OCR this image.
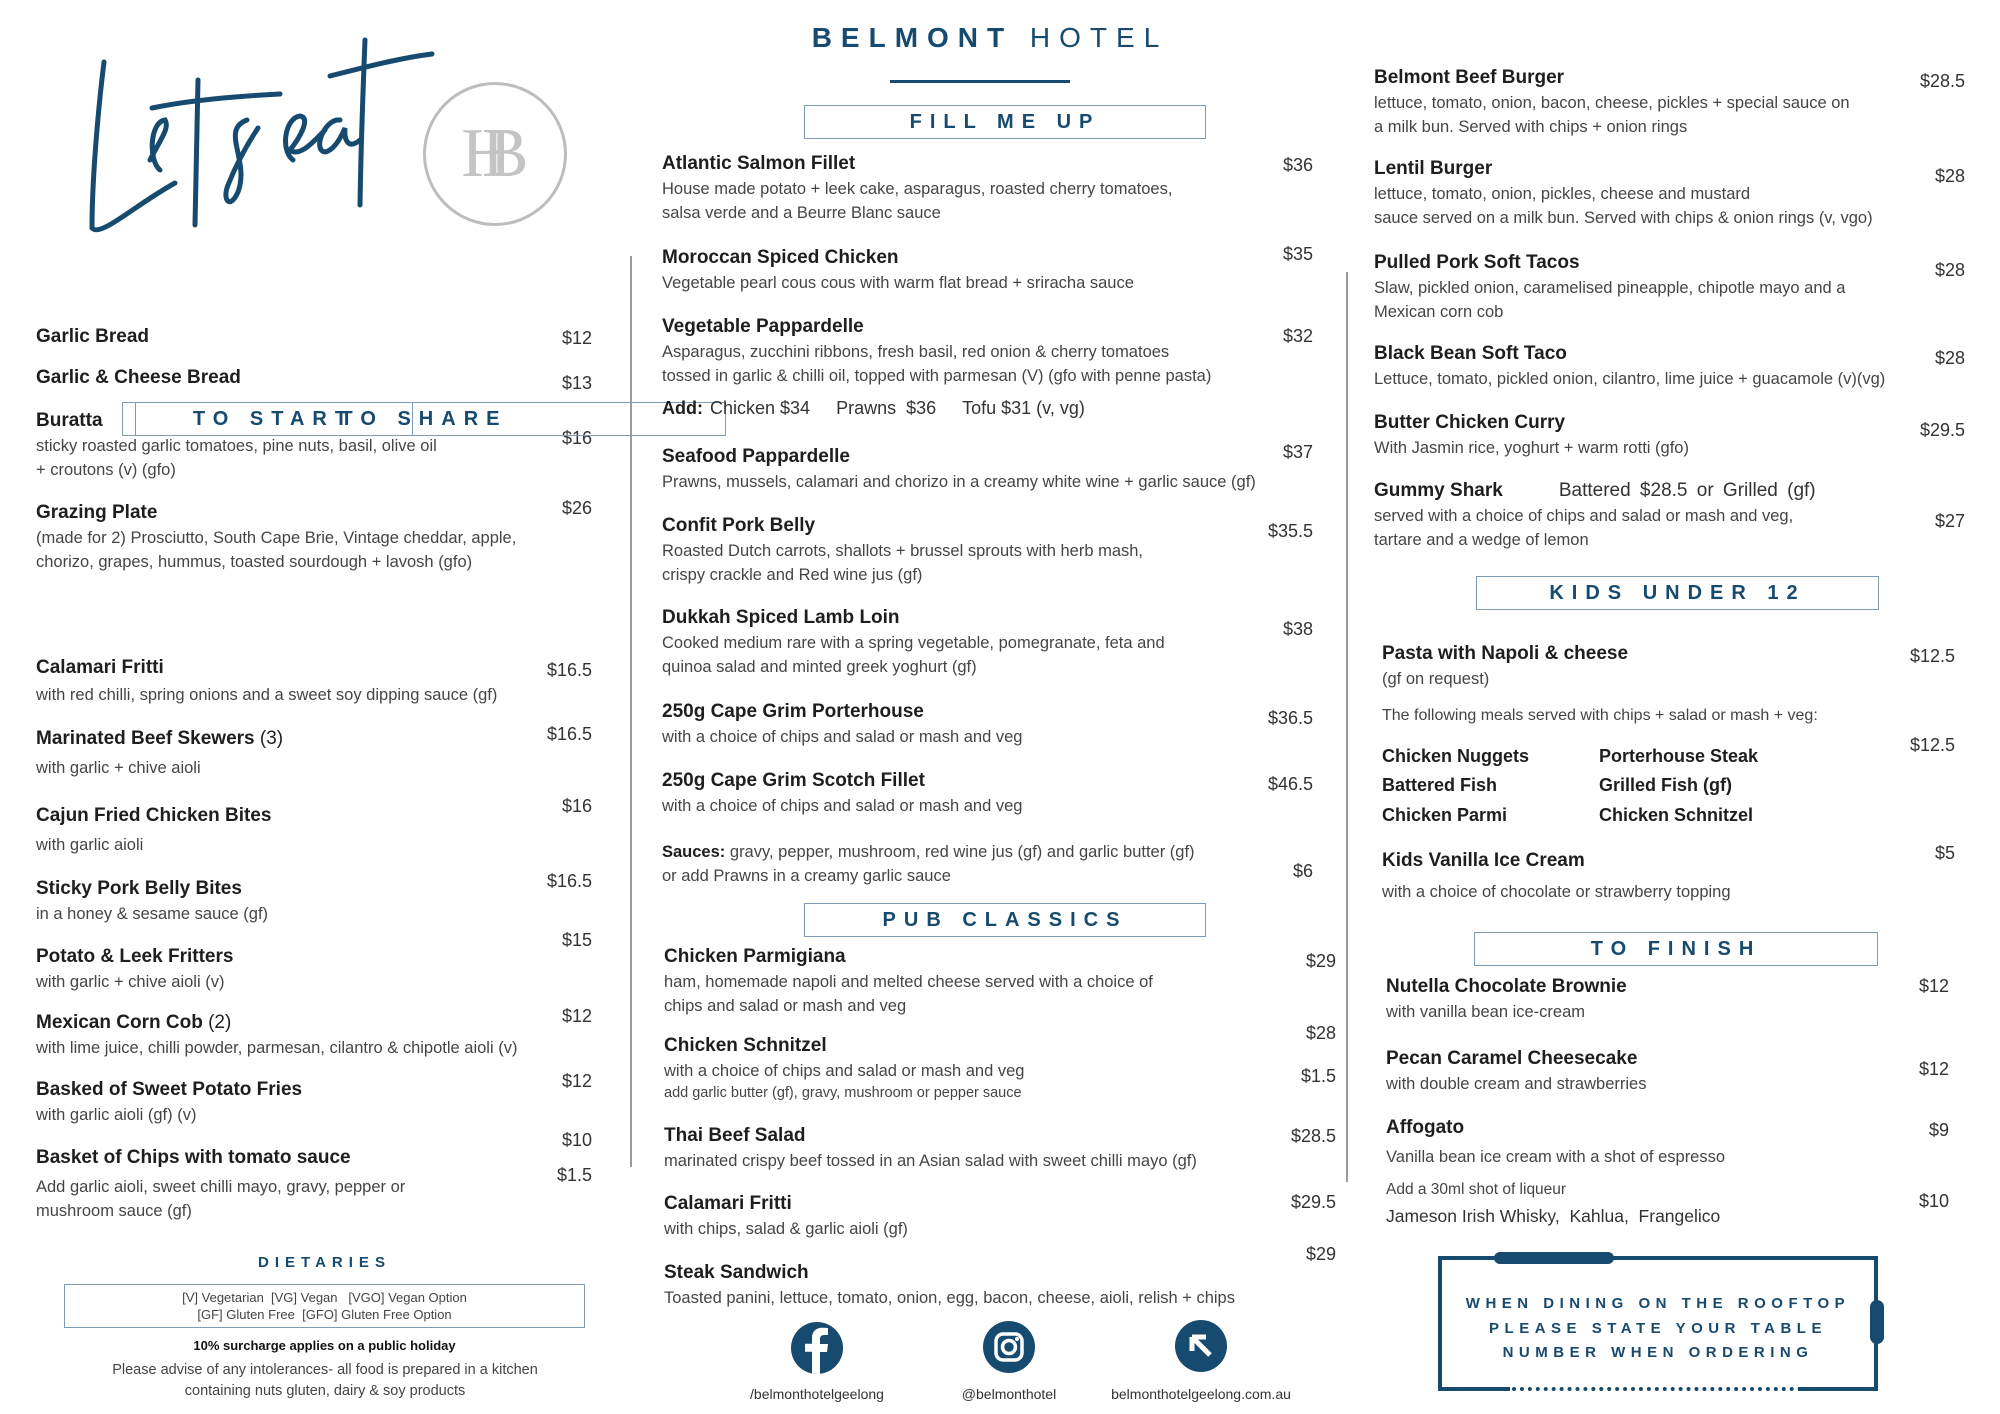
HB
BELMONT HOTEL
TO START
Garlic Bread	$12
Garlic & Cheese Bread	$13
Buratta
sticky roasted garlic tomatoes, pine nuts, basil, olive oil
+ croutons (v) (gfo)
$16
Grazing Plate
(made for 2) Prosciutto, South Cape Brie, Vintage cheddar, apple,
chorizo, grapes, hummus, toasted sourdough + lavosh (gfo)
$26
TO SHARE
Calamari Fritti
with red chilli, spring onions and a sweet soy dipping sauce (gf)
$16.5
Marinated Beef Skewers (3)
with garlic + chive aioli
$16.5
Cajun Fried Chicken Bites
with garlic aioli
$16
Sticky Pork Belly Bites
in a honey & sesame sauce (gf)
$16.5
Potato & Leek Fritters
with garlic + chive aioli (v)
$15
Mexican Corn Cob (2)
with lime juice, chilli powder, parmesan, cilantro & chipotle aioli (v)
$12
Basked of Sweet Potato Fries
with garlic aioli (gf) (v)
$12
Basket of Chips with tomato sauce
Add garlic aioli, sweet chilli mayo, gravy, pepper or
mushroom sauce (gf)
$10
$1.5
DIETARIES
[V] Vegetarian  [VG] Vegan   [VGO] Vegan Option
[GF] Gluten Free  [GFO] Gluten Free Option
10% surcharge applies on a public holiday
Please advise of any intolerances- all food is prepared in a kitchen
containing nuts gluten, dairy & soy products
FILL ME UP
Atlantic Salmon Fillet
House made potato + leek cake, asparagus, roasted cherry tomatoes,
salsa verde and a Beurre Blanc sauce
$36
Moroccan Spiced Chicken
Vegetable pearl cous cous with warm flat bread + sriracha sauce
$35
Vegetable Pappardelle
Asparagus, zucchini ribbons, fresh basil, red onion & cherry tomatoes
tossed in garlic & chilli oil, topped with parmesan (V) (gfo with penne pasta)
$32
Seafood Pappardelle
Prawns, mussels, calamari and chorizo in a creamy white wine + garlic sauce (gf)
$37
Confit Pork Belly
Roasted Dutch carrots, shallots + brussel sprouts with herb mash,
crispy crackle and Red wine jus (gf)
$35.5
Dukkah Spiced Lamb Loin
Cooked medium rare with a spring vegetable, pomegranate, feta and
quinoa salad and minted greek yoghurt (gf)
$38
250g Cape Grim Porterhouse
with a choice of chips and salad or mash and veg
$36.5
250g Cape Grim Scotch Fillet
with a choice of chips and salad or mash and veg
$46.5
Add: Chicken $34 Prawns  $36 Tofu $31 (v, vg)
Sauces: gravy, pepper, mushroom, red wine jus (gf) and garlic butter (gf)
or add Prawns in a creamy garlic sauce	$6
PUB CLASSICS
Chicken Parmigiana
ham, homemade napoli and melted cheese served with a choice of
chips and salad or mash and veg
$29
Chicken Schnitzel
with a choice of chips and salad or mash and veg
add garlic butter (gf), gravy, mushroom or pepper sauce
$28
$1.5
Thai Beef Salad
marinated crispy beef tossed in an Asian salad with sweet chilli mayo (gf)
$28.5
Calamari Fritti
with chips, salad & garlic aioli (gf)
$29.5
Steak Sandwich
Toasted panini, lettuce, tomato, onion, egg, bacon, cheese, aioli, relish + chips
$29
/belmonthotelgeelong	@belmonthotel	belmonthotelgeelong.com.au
Belmont Beef Burger
lettuce, tomato, onion, bacon, cheese, pickles + special sauce on
a milk bun. Served with chips + onion rings
$28.5
Lentil Burger
lettuce, tomato, onion, pickles, cheese and mustard
sauce served on a milk bun. Served with chips & onion rings (v, vgo)
$28
Pulled Pork Soft Tacos
Slaw, pickled onion, caramelised pineapple, chipotle mayo and a
Mexican corn cob
$28
Black Bean Soft Taco
Lettuce, tomato, pickled onion, cilantro, lime juice + guacamole (v)(vg)
$28
Butter Chicken Curry
With Jasmin rice, yoghurt + warm rotti (gfo)
$29.5
Gummy Shark	Battered $28.5 or Grilled (gf)
served with a choice of chips and salad or mash and veg,
tartare and a wedge of lemon
$27
KIDS UNDER 12
Pasta with Napoli & cheese
(gf on request)
$12.5
The following meals served with chips + salad or mash + veg:
Chicken Nuggets	Porterhouse Steak
Battered Fish	Grilled Fish (gf)
Chicken Parmi	Chicken Schnitzel
$12.5
Kids Vanilla Ice Cream
with a choice of chocolate or strawberry topping
$5
TO FINISH
Nutella Chocolate Brownie
with vanilla bean ice-cream
$12
Pecan Caramel Cheesecake
with double cream and strawberries
$12
Affogato
Vanilla bean ice cream with a shot of espresso
$9
Add a 30ml shot of liqueur
Jameson Irish Whisky,  Kahlua,  Frangelico
$10
WHEN DINING ON THE ROOFTOP
PLEASE STATE YOUR TABLE
NUMBER WHEN ORDERING
